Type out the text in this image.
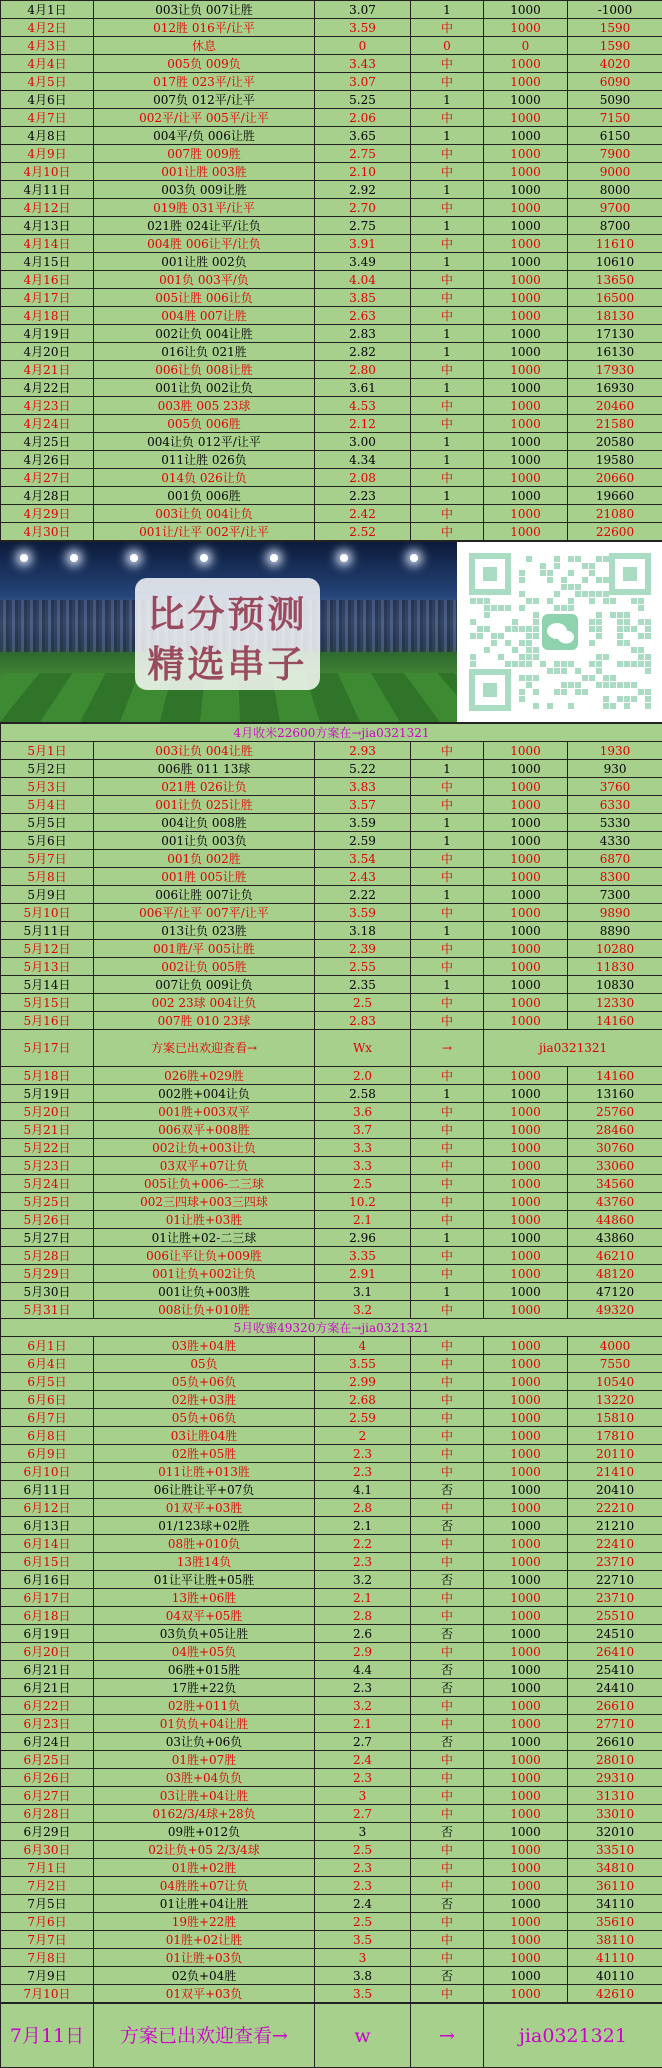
4月1日	003让负 007让胜	3.07	1	1000	-1000
4月2日	012胜 016平/让平	3.59	中	1000	1590
4月3日	休息	0	0	0	1590
4月4日	005负 009负	3.43	中	1000	4020
4月5日	017胜 023平/让平	3.07	中	1000	6090
4月6日	007负 012平/让平	5.25	1	1000	5090
4月7日	002平/让平 005平/让平	2.06	中	1000	7150
4月8日	004平/负 006让胜	3.65	1	1000	6150
4月9日	007胜 009胜	2.75	中	1000	7900
4月10日	001让胜 003胜	2.10	中	1000	9000
4月11日	003负 009让胜	2.92	1	1000	8000
4月12日	019胜 031平/让平	2.70	中	1000	9700
4月13日	021胜 024让平/让负	2.75	1	1000	8700
4月14日	004胜 006让平/让负	3.91	中	1000	11610
4月15日	001让胜 002负	3.49	1	1000	10610
4月16日	001负 003平/负	4.04	中	1000	13650
4月17日	005让胜 006让负	3.85	中	1000	16500
4月18日	004胜 007让胜	2.63	中	1000	18130
4月19日	002让负 004让胜	2.83	1	1000	17130
4月20日	016让负 021胜	2.82	1	1000	16130
4月21日	006让负 008让胜	2.80	中	1000	17930
4月22日	001让负 002让负	3.61	1	1000	16930
4月23日	003胜 005 23球	4.53	中	1000	20460
4月24日	005负 006胜	2.12	中	1000	21580
4月25日	004让负 012平/让平	3.00	1	1000	20580
4月26日	011让胜 026负	4.34	1	1000	19580
4月27日	014负 026让负	2.08	中	1000	20660
4月28日	001负 006胜	2.23	1	1000	19660
4月29日	003让负 004让负	2.42	中	1000	21080
4月30日	001让/让平 002平/让平	2.52	中	1000	22600
比分预测
精选串子
4月收米22600方案在→jia0321321					
5月1日	003让负 004让胜	2.93	中	1000	1930
5月2日	006胜 011 13球	5.22	1	1000	930
5月3日	021胜 026让负	3.83	中	1000	3760
5月4日	001让负 025让胜	3.57	中	1000	6330
5月5日	004让负 008胜	3.59	1	1000	5330
5月6日	001让负 003负	2.59	1	1000	4330
5月7日	001负 002胜	3.54	中	1000	6870
5月8日	001胜 005让胜	2.43	中	1000	8300
5月9日	006让胜 007让负	2.22	1	1000	7300
5月10日	006平/让平 007平/让平	3.59	中	1000	9890
5月11日	013让负 023胜	3.18	1	1000	8890
5月12日	001胜/平 005让胜	2.39	中	1000	10280
5月13日	002让负 005胜	2.55	中	1000	11830
5月14日	007让负 009让负	2.35	1	1000	10830
5月15日	002 23球 004让负	2.5	中	1000	12330
5月16日	007胜 010 23球	2.83	中	1000	14160
5月17日	方案已出欢迎查看→	Wx	→	jia0321321	
5月18日	026胜+029胜	2.0	中	1000	14160
5月19日	002胜+004让负	2.58	1	1000	13160
5月20日	001胜+003双平	3.6	中	1000	25760
5月21日	006双平+008胜	3.7	中	1000	28460
5月22日	002让负+003让负	3.3	中	1000	30760
5月23日	03双平+07让负	3.3	中	1000	33060
5月24日	005让负+006-二三球	2.5	中	1000	34560
5月25日	002三四球+003三四球	10.2	中	1000	43760
5月26日	01让胜+03胜	2.1	中	1000	44860
5月27日	01让胜+02-二三球	2.96	1	1000	43860
5月28日	006让平让负+009胜	3.35	中	1000	46210
5月29日	001让负+002让负	2.91	中	1000	48120
5月30日	001让负+003胜	3.1	1	1000	47120
5月31日	008让负+010胜	3.2	中	1000	49320
5月收蜜49320方案在→jia0321321					
6月1日	03胜+04胜	4	中	1000	4000
6月4日	05负	3.55	中	1000	7550
6月5日	05负+06负	2.99	中	1000	10540
6月6日	02胜+03胜	2.68	中	1000	13220
6月7日	05负+06负	2.59	中	1000	15810
6月8日	03让胜04胜	2	中	1000	17810
6月9日	02胜+05胜	2.3	中	1000	20110
6月10日	011让胜+013胜	2.3	中	1000	21410
6月11日	06让胜让平+07负	4.1	否	1000	20410
6月12日	01双平+03胜	2.8	中	1000	22210
6月13日	01/123球+02胜	2.1	否	1000	21210
6月14日	08胜+010负	2.2	中	1000	22410
6月15日	13胜14负	2.3	中	1000	23710
6月16日	01让平让胜+05胜	3.2	否	1000	22710
6月17日	13胜+06胜	2.1	中	1000	23710
6月18日	04双平+05胜	2.8	中	1000	25510
6月19日	03负负+05让胜	2.6	否	1000	24510
6月20日	04胜+05负	2.9	中	1000	26410
6月21日	06胜+015胜	4.4	否	1000	25410
6月21日	17胜+22负	2.3	否	1000	24410
6月22日	02胜+011负	3.2	中	1000	26610
6月23日	01负负+04让胜	2.1	中	1000	27710
6月24日	03让负+06负	2.7	否	1000	26610
6月25日	01胜+07胜	2.4	中	1000	28010
6月26日	03胜+04负负	2.3	中	1000	29310
6月27日	03让胜+04让胜	3	中	1000	31310
6月28日	0162/3/4球+28负	2.7	中	1000	33010
6月29日	09胜+012负	3	否	1000	32010
6月30日	02让负+05 2/3/4球	2.5	中	1000	33510
7月1日	01胜+02胜	2.3	中	1000	34810
7月2日	04胜胜+07让负	2.3	中	1000	36110
7月5日	01让胜+04让胜	2.4	否	1000	34110
7月6日	19胜+22胜	2.5	中	1000	35610
7月7日	01胜+02让胜	3.5	中	1000	38110
7月8日	01让胜+03负	3	中	1000	41110
7月9日	02负+04胜	3.8	否	1000	40110
7月10日	01双平+03负	3.5	中	1000	42610
7月11日	方案已出欢迎查看→	w	→	jia0321321
